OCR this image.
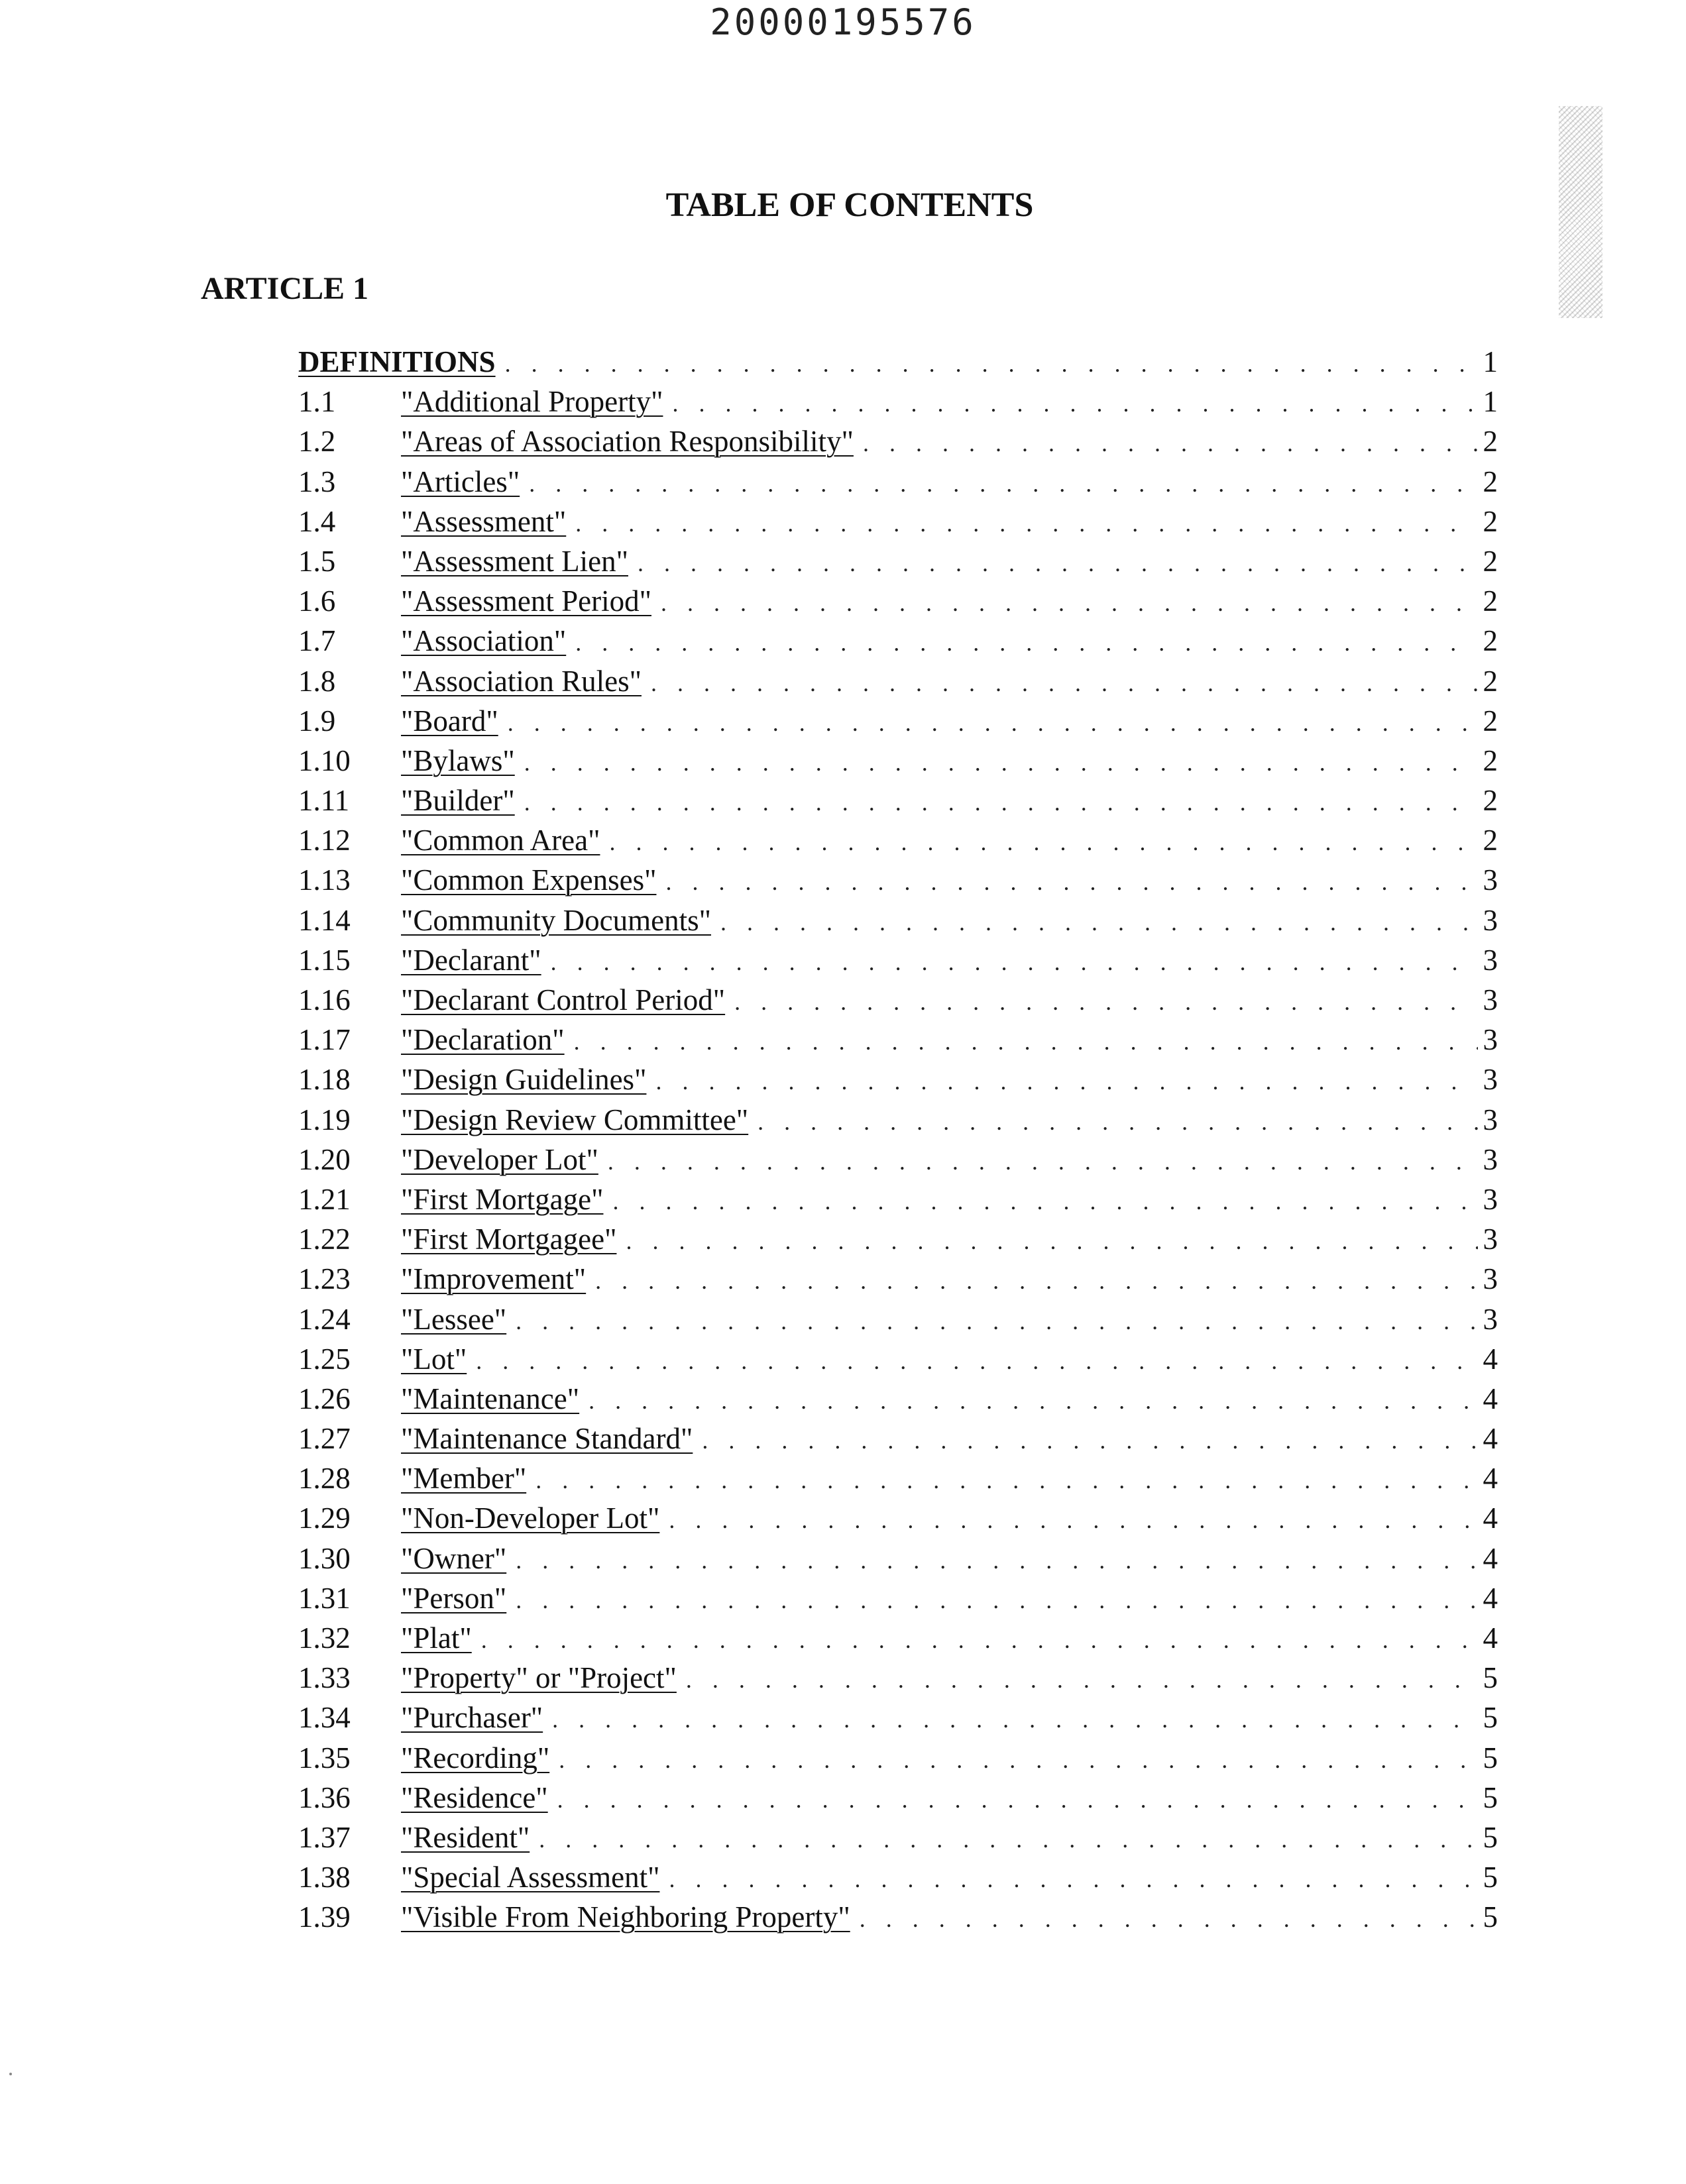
20000195576
TABLE OF CONTENTS
ARTICLE 1
DEFINITIONS . . .	1
1.1	"Additional Property" . . .	1
1.2	"Areas of Association Responsibility" . . .	2
1.3	"Articles" . . .	2
1.4	"Assessment" . . .	2
1.5	"Assessment Lien" . . .	2
1.6	"Assessment Period" . . .	2
1.7	"Association" . . .	2
1.8	"Association Rules" . . .	2
1.9	"Board" . . .	2
1.10	"Bylaws" . . .	2
1.11	"Builder" . . .	2
1.12	"Common Area" . . .	2
1.13	"Common Expenses" . . .	3
1.14	"Community Documents" . . .	3
1.15	"Declarant" . . .	3
1.16	"Declarant Control Period" . . .	3
1.17	"Declaration" . . .	3
1.18	"Design Guidelines" . . .	3
1.19	"Design Review Committee" . . .	3
1.20	"Developer Lot" . . .	3
1.21	"First Mortgage" . . .	3
1.22	"First Mortgagee" . . .	3
1.23	"Improvement" . . .	3
1.24	"Lessee" . . .	3
1.25	"Lot" . . .	4
1.26	"Maintenance" . . .	4
1.27	"Maintenance Standard" . . .	4
1.28	"Member" . . .	4
1.29	"Non-Developer Lot" . . .	4
1.30	"Owner" . . .	4
1.31	"Person" . . .	4
1.32	"Plat" . . .	4
1.33	"Property" or "Project" . . .	5
1.34	"Purchaser" . . .	5
1.35	"Recording" . . .	5
1.36	"Residence" . . .	5
1.37	"Resident" . . .	5
1.38	"Special Assessment" . . .	5
1.39	"Visible From Neighboring Property" . . .	5
